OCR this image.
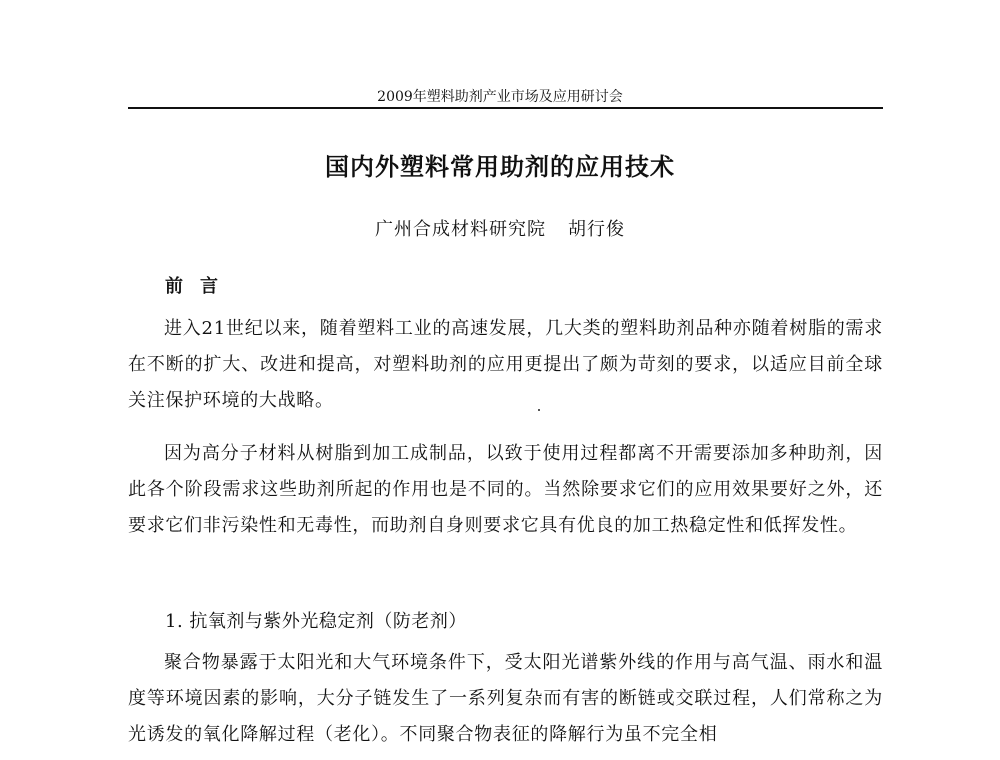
2009年塑料助剂产业市场及应用研讨会
国内外塑料常用助剂的应用技术
广州合成材料研究院 胡行俊
前言

进入21世纪以来，随着塑料工业的高速发展，几大类的塑料助剂品种亦随着树脂的需求在不断的扩大、改进和提高，对塑料助剂的应用更提出了颇为苛刻的要求，以适应目前全球关注保护环境的大战略。

因为高分子材料从树脂到加工成制品，以致于使用过程都离不开需要添加多种助剂，因此各个阶段需求这些助剂所起的作用也是不同的。当然除要求它们的应用效果要好之外，还要求它们非污染性和无毒性，而助剂自身则要求它具有优良的加工热稳定性和低挥发性。

1. 抗氧剂与紫外光稳定剂（防老剂）

聚合物暴露于太阳光和大气环境条件下，受太阳光谱紫外线的作用与高气温、雨水和温度等环境因素的影响，大分子链发生了一系列复杂而有害的断链或交联过程，人们常称之为光诱发的氧化降解过程（老化）。不同聚合物表征的降解行为虽不完全相
